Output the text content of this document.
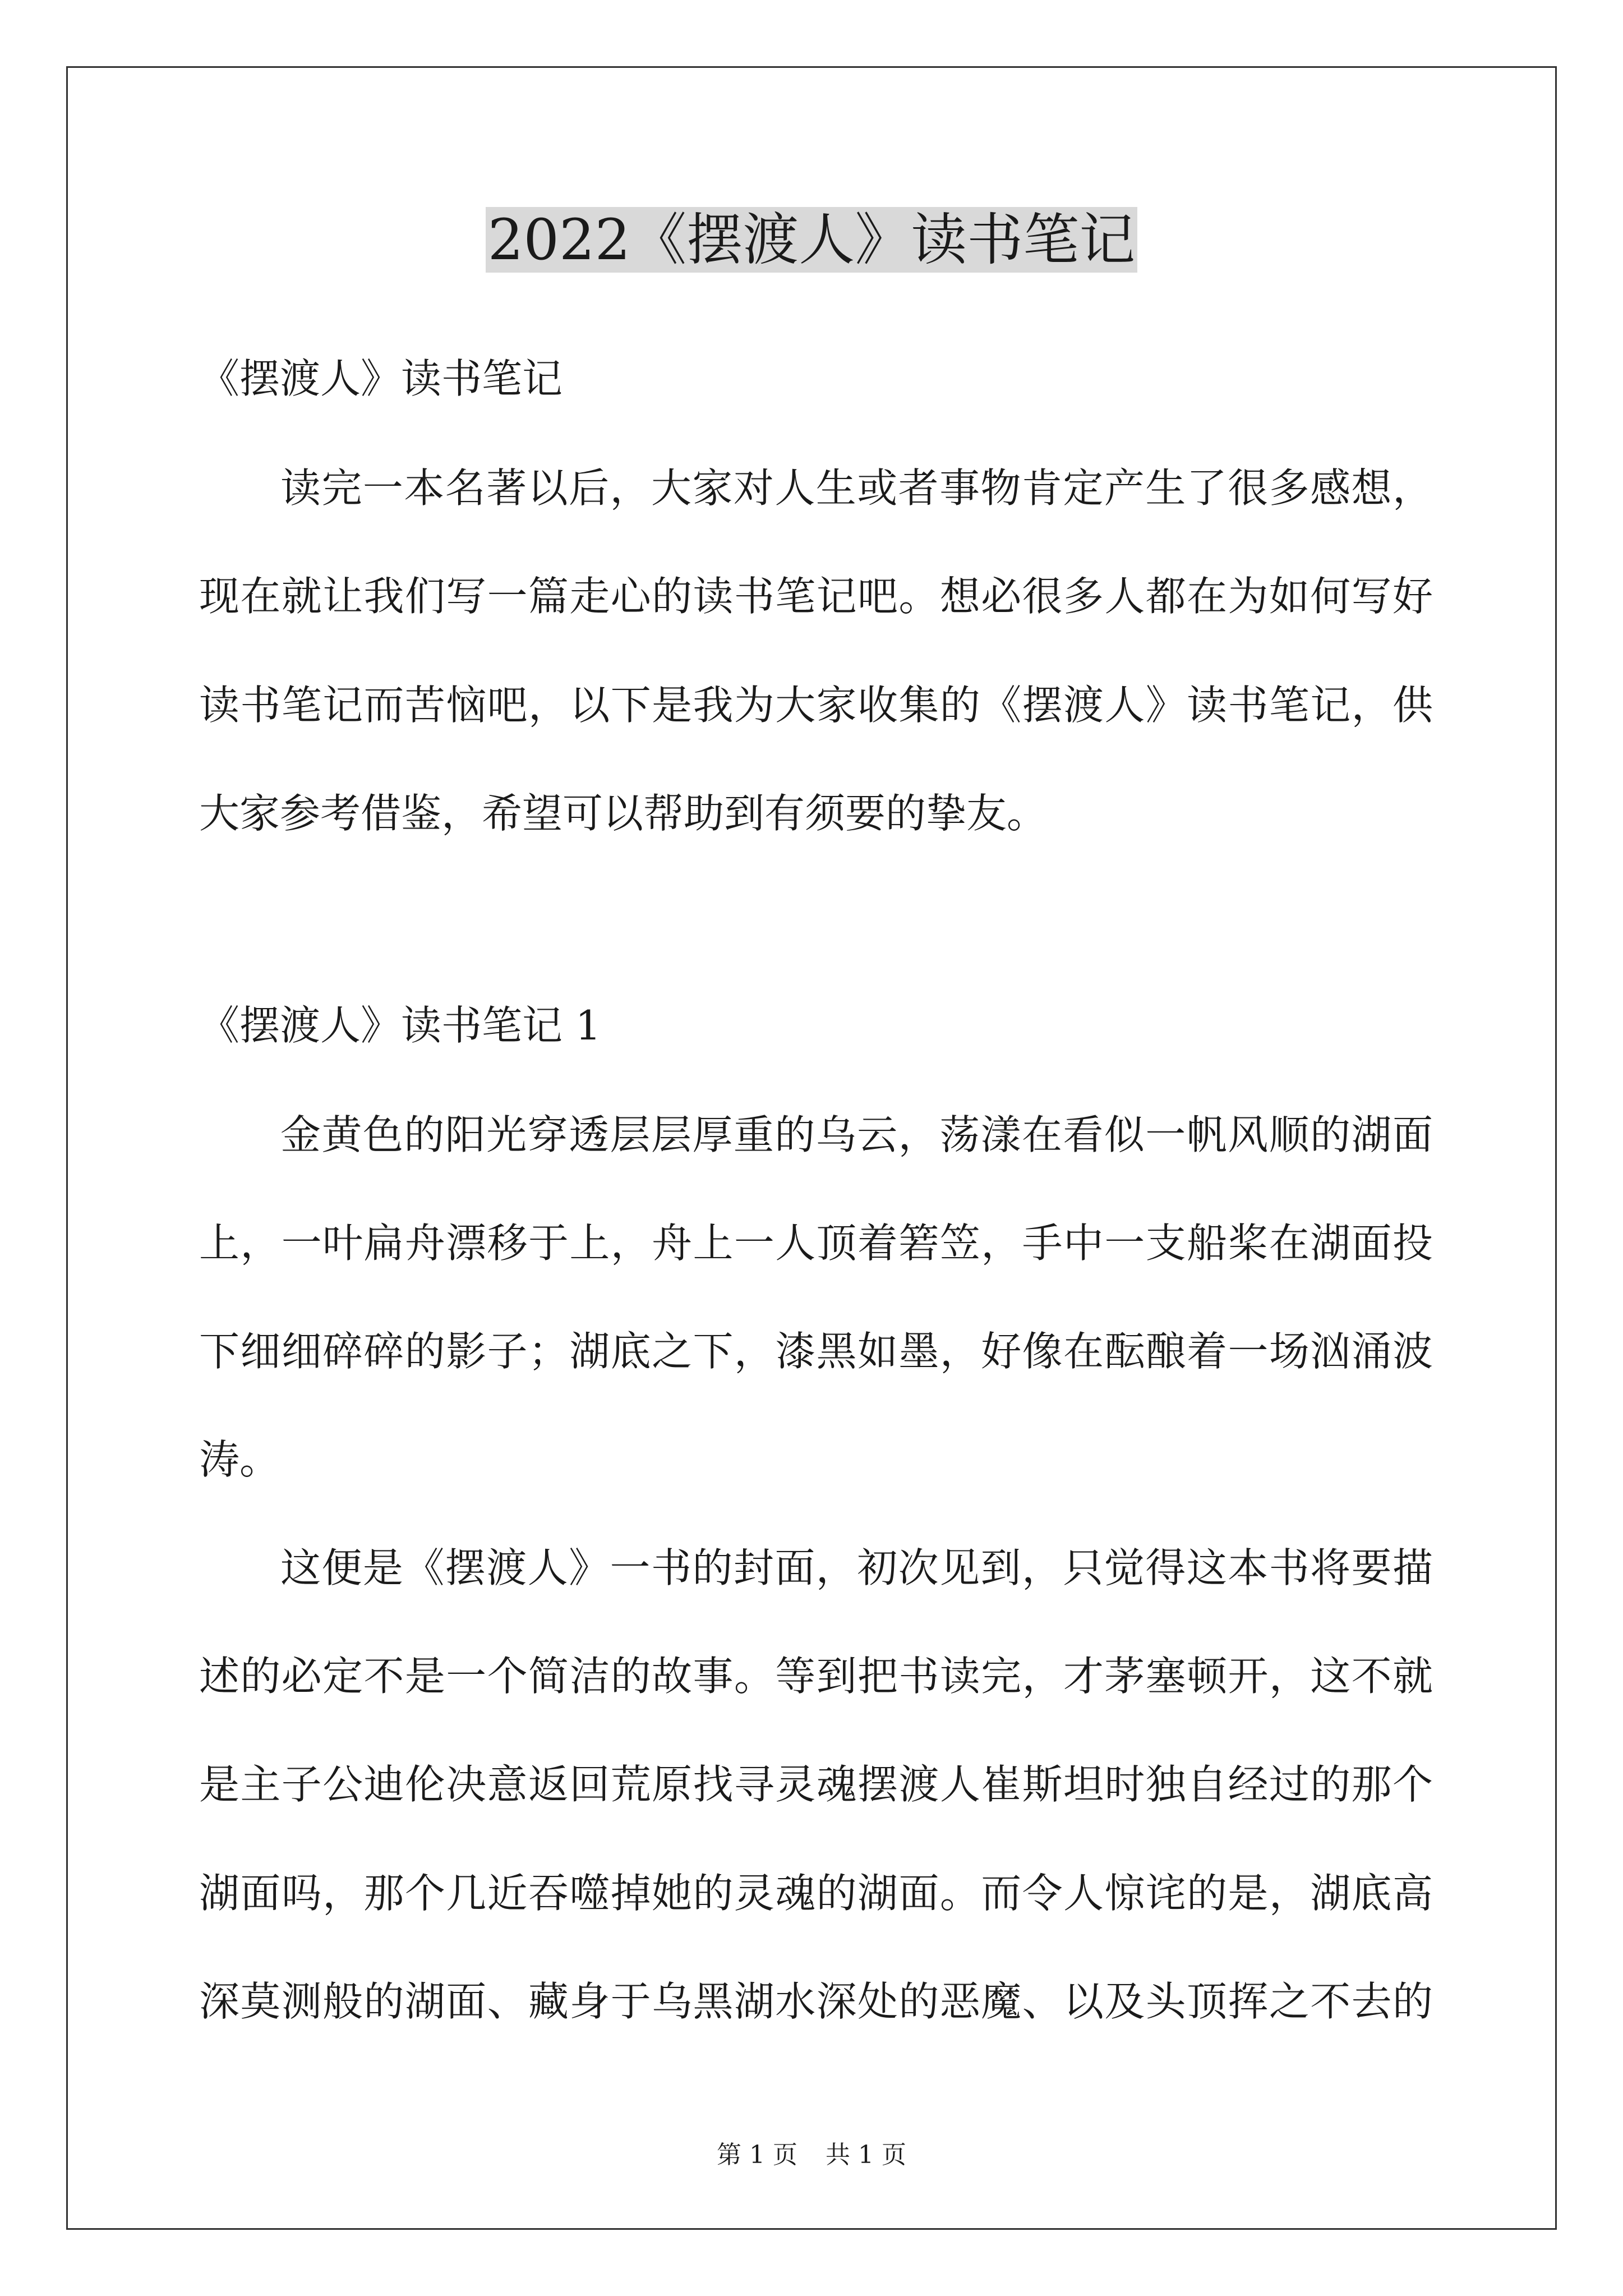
2022《摆渡人》读书笔记
《摆渡人》读书笔记
读完一本名著以后，大家对人生或者事物肯定产生了很多感想，
现在就让我们写一篇走心的读书笔记吧。想必很多人都在为如何写好
读书笔记而苦恼吧，以下是我为大家收集的《摆渡人》读书笔记，供
大家参考借鉴，希望可以帮助到有须要的挚友。
《摆渡人》读书笔记 1
金黄色的阳光穿透层层厚重的乌云，荡漾在看似一帆风顺的湖面
上，一叶扁舟漂移于上，舟上一人顶着箬笠，手中一支船桨在湖面投
下细细碎碎的影子；湖底之下，漆黑如墨，好像在酝酿着一场汹涌波
涛。
这便是《摆渡人》一书的封面，初次见到，只觉得这本书将要描
述的必定不是一个简洁的故事。等到把书读完，才茅塞顿开，这不就
是主子公迪伦决意返回荒原找寻灵魂摆渡人崔斯坦时独自经过的那个
湖面吗，那个几近吞噬掉她的灵魂的湖面。而令人惊诧的是，湖底高
深莫测般的湖面、藏身于乌黑湖水深处的恶魔、以及头顶挥之不去的
第 1 页 共 1 页
